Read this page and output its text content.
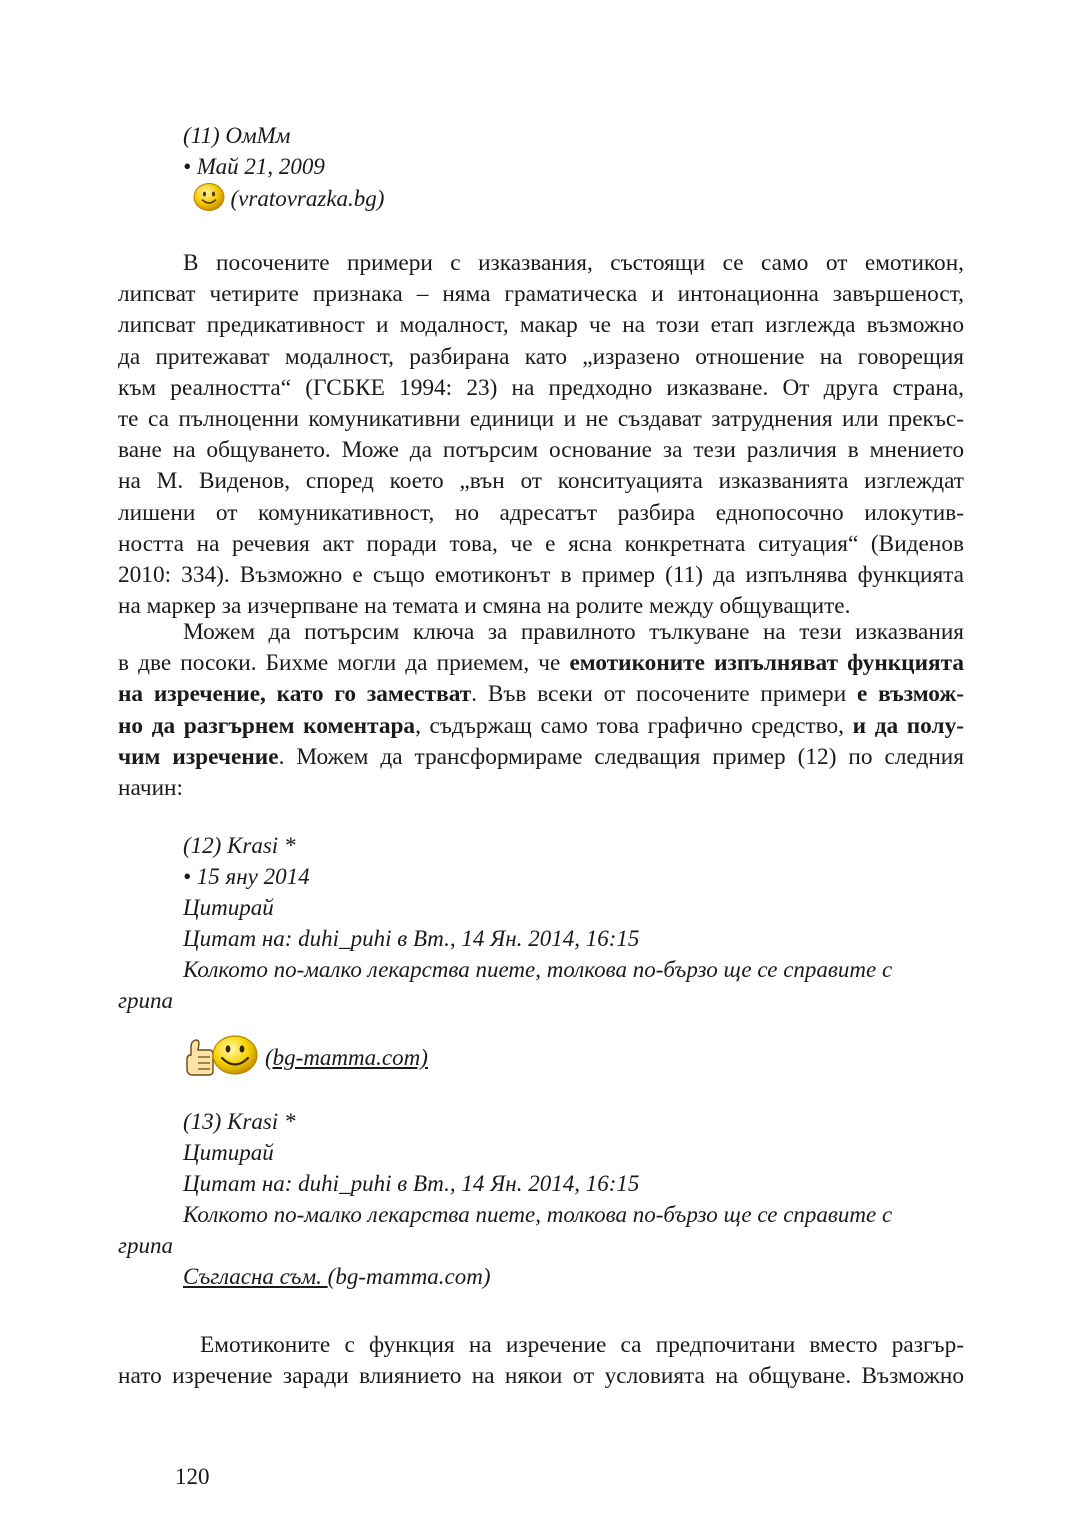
(11) ОмМм
• Май 21, 2009
(vratovrazka.bg)

В посочените примери с изказвания, състоящи се само от емотикон,

липсват четирите признака – няма граматическа и интонационна завършеност,

липсват предикативност и модалност, макар че на този етап изглежда възможно

да притежават модалност, разбирана като „изразено отношение на говорещия

към реалността“ (ГСБКЕ 1994: 23) на предходно изказване. От друга страна,

те са пълноценни комуникативни единици и не създават затруднения или прекъс-

ване на общуването. Може да потърсим основание за тези различия в мнението

на М. Виденов, според което „вън от конситуацията изказванията изглеждат

лишени от комуникативност, но адресатът разбира еднопосочно илокутив-

ността на речевия акт поради това, че е ясна конкретната ситуация“ (Виденов

2010: 334). Възможно е също емотиконът в пример (11) да изпълнява функцията

на маркер за изчерпване на темата и смяна на ролите между общуващите.

Можем да потърсим ключа за правилното тълкуване на тези изказвания

в две посоки. Бихме могли да приемем, че емотиконите изпълняват функцията

на изречение, като го заместват. Във всеки от посочените примери е възмож-

но да разгърнем коментара, съдържащ само това графично средство, и да полу-

чим изречение. Можем да трансформираме следващия пример (12) по следния

начин:

(12) Krasi *
• 15 яну 2014
Цитирай
Цитат на: duhi_puhi в Вт., 14 Ян. 2014, 16:15
Колкото по-малко лекарства пиете, толкова по-бързо ще се справите с
грипа
(bg-mamma.com)
(13) Krasi *
Цитирай
Цитат на: duhi_puhi в Вт., 14 Ян. 2014, 16:15
Колкото по-малко лекарства пиете, толкова по-бързо ще се справите с
грипа
Съгласна съм. (bg-mamma.com)

Емотиконите с функция на изречение са предпочитани вместо разгър-

нато изречение заради влиянието на някои от условията на общуване. Възможно

120
